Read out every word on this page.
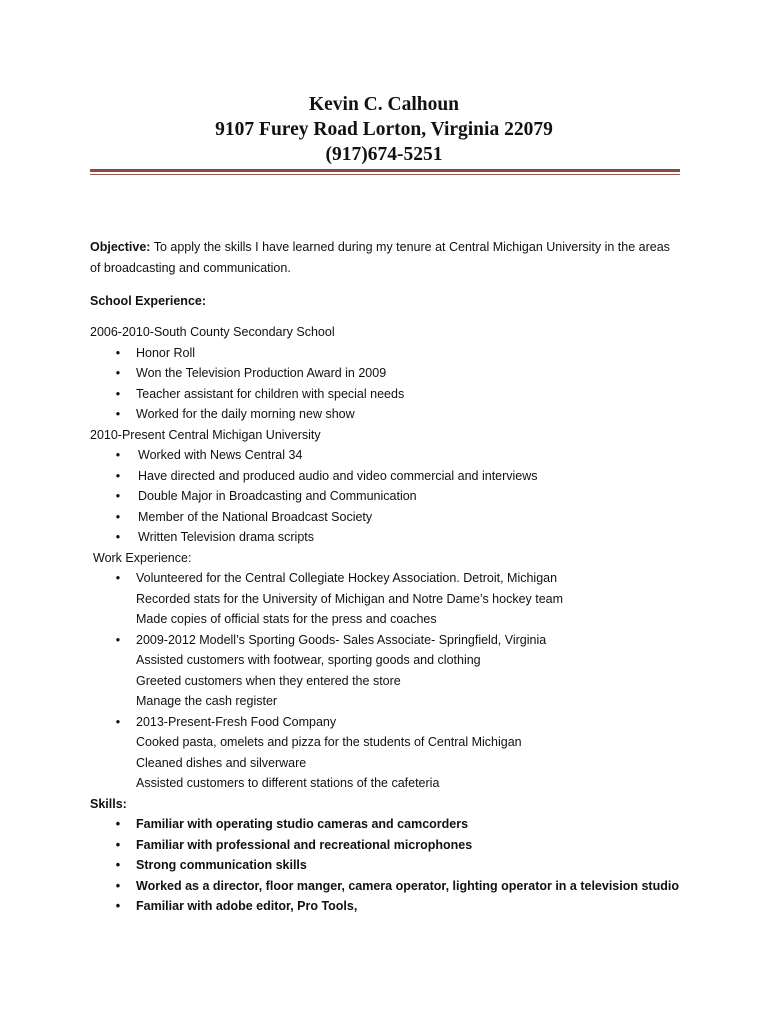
Kevin C. Calhoun
9107 Furey Road Lorton, Virginia 22079
(917)674-5251

Objective: To apply the skills I have learned during my tenure at Central Michigan University in the areas

of broadcasting and communication.

School Experience:
2006-2010-South County Secondary School
• Honor Roll
• Won the Television Production Award in 2009
• Teacher assistant for children with special needs
• Worked for the daily morning new show
2010-Present Central Michigan University
• Worked with News Central 34
• Have directed and produced audio and video commercial and interviews
• Double Major in Broadcasting and Communication
• Member of the National Broadcast Society
• Written Television drama scripts
Work Experience:
• Volunteered for the Central Collegiate Hockey Association. Detroit, Michigan
Recorded stats for the University of Michigan and Notre Dame’s hockey team
Made copies of official stats for the press and coaches
• 2009-2012 Modell’s Sporting Goods- Sales Associate- Springfield, Virginia
Assisted customers with footwear, sporting goods and clothing
Greeted customers when they entered the store
Manage the cash register
• 2013-Present-Fresh Food Company
Cooked pasta, omelets and pizza for the students of Central Michigan
Cleaned dishes and silverware
Assisted customers to different stations of the cafeteria
Skills:
• Familiar with operating studio cameras and camcorders
• Familiar with professional and recreational microphones
• Strong communication skills
• Worked as a director, floor manger, camera operator, lighting operator in a television studio
• Familiar with adobe editor, Pro Tools,
